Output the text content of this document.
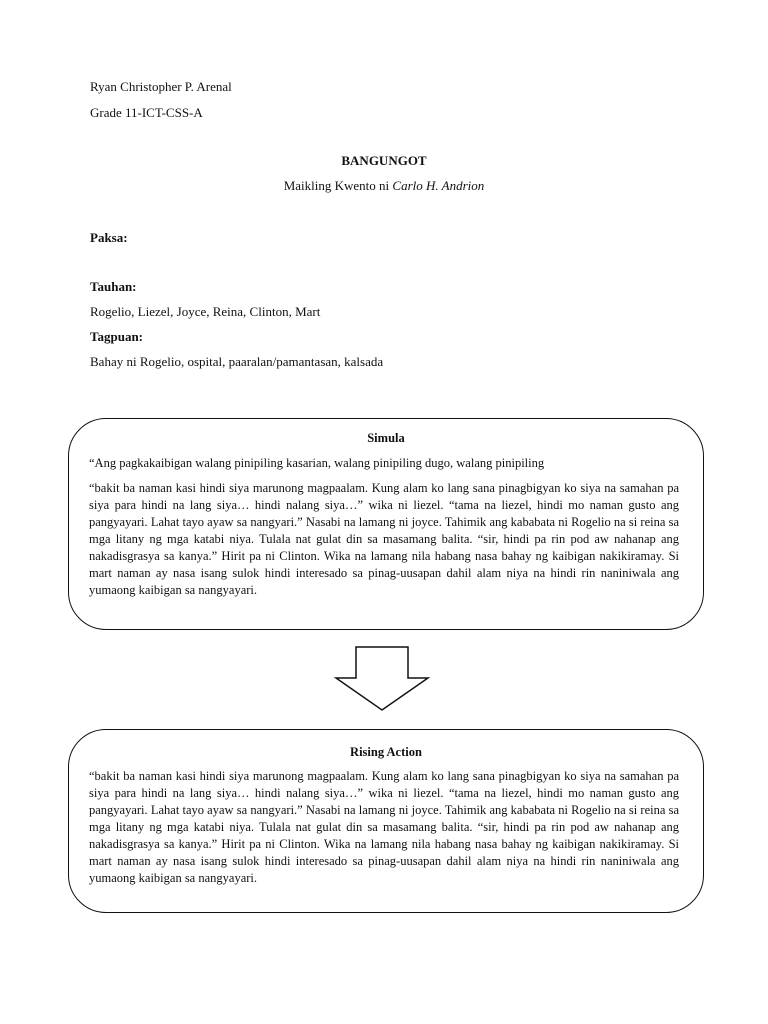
Ryan Christopher P. Arenal
Grade 11-ICT-CSS-A
BANGUNGOT
Maikling Kwento ni Carlo H. Andrion
Paksa:
Tauhan:
Rogelio, Liezel, Joyce, Reina, Clinton, Mart
Tagpuan:
Bahay ni Rogelio, ospital, paaralan/pamantasan, kalsada
Simula
“Ang pagkakaibigan walang pinipiling kasarian, walang pinipiling dugo, walang pinipiling
“bakit ba naman kasi hindi siya marunong magpaalam. Kung alam ko lang sana pinagbigyan ko siya na samahan pa siya para hindi na lang siya… hindi nalang siya…” wika ni liezel. “tama na liezel, hindi mo naman gusto ang pangyayari. Lahat tayo ayaw sa nangyari.” Nasabi na lamang ni joyce. Tahimik ang kababata ni Rogelio na si reina sa mga litany ng mga katabi niya. Tulala nat gulat din sa masamang balita. “sir, hindi pa rin pod aw nahanap ang nakadisgrasya sa kanya.” Hirit pa ni Clinton. Wika na lamang nila habang nasa bahay ng kaibigan nakikiramay. Si mart naman ay nasa isang sulok hindi interesado sa pinag-uusapan dahil alam niya na hindi rin naniniwala ang yumaong kaibigan sa nangyayari.
Rising Action
“bakit ba naman kasi hindi siya marunong magpaalam. Kung alam ko lang sana pinagbigyan ko siya na samahan pa siya para hindi na lang siya… hindi nalang siya…” wika ni liezel. “tama na liezel, hindi mo naman gusto ang pangyayari. Lahat tayo ayaw sa nangyari.” Nasabi na lamang ni joyce. Tahimik ang kababata ni Rogelio na si reina sa mga litany ng mga katabi niya. Tulala nat gulat din sa masamang balita. “sir, hindi pa rin pod aw nahanap ang nakadisgrasya sa kanya.” Hirit pa ni Clinton. Wika na lamang nila habang nasa bahay ng kaibigan nakikiramay. Si mart naman ay nasa isang sulok hindi interesado sa pinag-uusapan dahil alam niya na hindi rin naniniwala ang yumaong kaibigan sa nangyayari.
